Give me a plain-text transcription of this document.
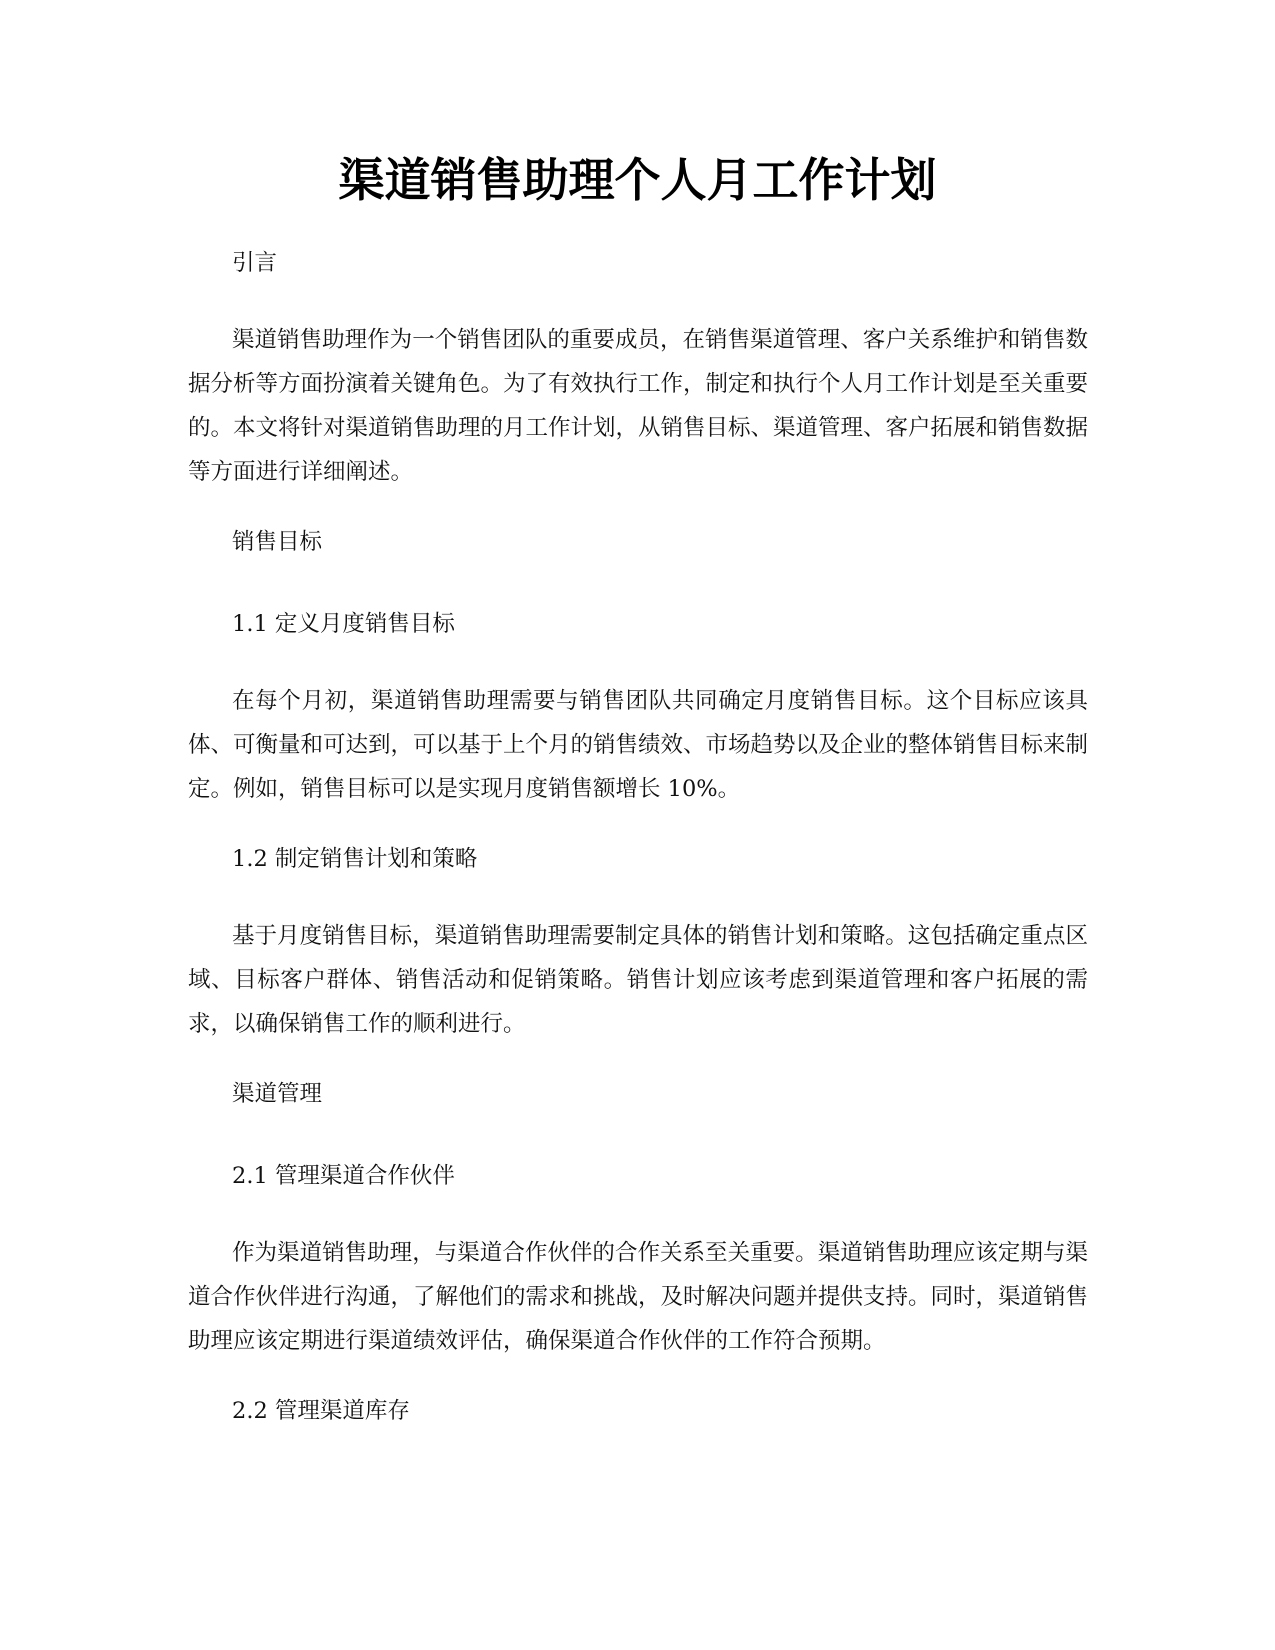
渠道销售助理个人月工作计划

引言

渠道销售助理作为一个销售团队的重要成员，在销售渠道管理、客户关系维护和销售数据分析等方面扮演着关键角色。为了有效执行工作，制定和执行个人月工作计划是至关重要的。本文将针对渠道销售助理的月工作计划，从销售目标、渠道管理、客户拓展和销售数据等方面进行详细阐述。

销售目标

1.1 定义月度销售目标

在每个月初，渠道销售助理需要与销售团队共同确定月度销售目标。这个目标应该具体、可衡量和可达到，可以基于上个月的销售绩效、市场趋势以及企业的整体销售目标来制定。例如，销售目标可以是实现月度销售额增长 10%。

1.2 制定销售计划和策略

基于月度销售目标，渠道销售助理需要制定具体的销售计划和策略。这包括确定重点区域、目标客户群体、销售活动和促销策略。销售计划应该考虑到渠道管理和客户拓展的需求，以确保销售工作的顺利进行。

渠道管理

2.1 管理渠道合作伙伴

作为渠道销售助理，与渠道合作伙伴的合作关系至关重要。渠道销售助理应该定期与渠道合作伙伴进行沟通，了解他们的需求和挑战，及时解决问题并提供支持。同时，渠道销售助理应该定期进行渠道绩效评估，确保渠道合作伙伴的工作符合预期。

2.2 管理渠道库存
